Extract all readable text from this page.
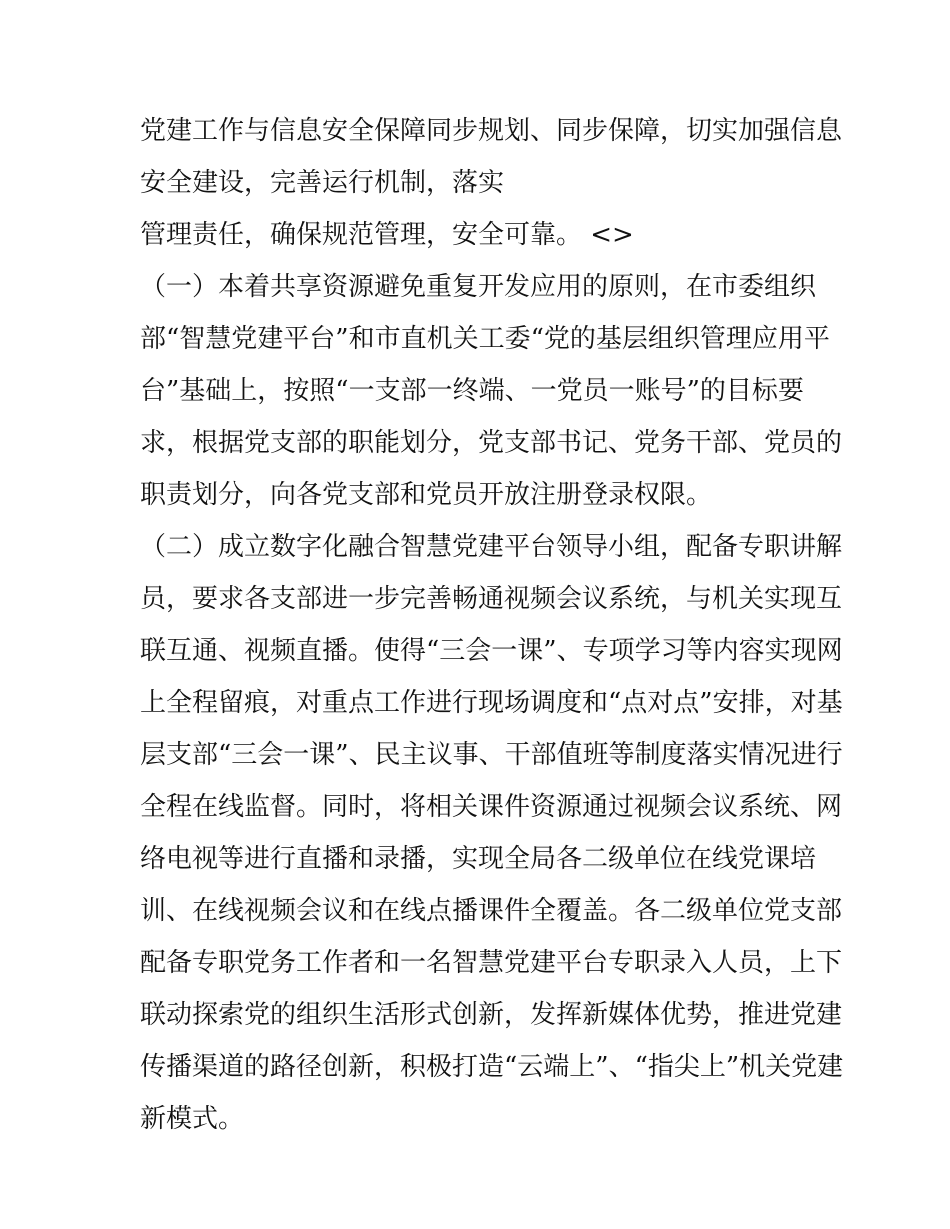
党建工作与信息安全保障同步规划、同步保障，切实加强信息
安全建设，完善运行机制，落实
管理责任，确保规范管理，安全可靠。 <>
（一）本着共享资源避免重复开发应用的原则，在市委组织
部“智慧党建平台”和市直机关工委“党的基层组织管理应用平
台”基础上，按照“一支部一终端、一党员一账号”的目标要
求，根据党支部的职能划分，党支部书记、党务干部、党员的
职责划分，向各党支部和党员开放注册登录权限。
（二）成立数字化融合智慧党建平台领导小组，配备专职讲解
员，要求各支部进一步完善畅通视频会议系统，与机关实现互
联互通、视频直播。使得“三会一课”、专项学习等内容实现网
上全程留痕，对重点工作进行现场调度和“点对点”安排，对基
层支部“三会一课”、民主议事、干部值班等制度落实情况进行
全程在线监督。同时，将相关课件资源通过视频会议系统、网
络电视等进行直播和录播，实现全局各二级单位在线党课培
训、在线视频会议和在线点播课件全覆盖。各二级单位党支部
配备专职党务工作者和一名智慧党建平台专职录入人员，上下
联动探索党的组织生活形式创新，发挥新媒体优势，推进党建
传播渠道的路径创新，积极打造“云端上”、“指尖上”机关党建
新模式。
